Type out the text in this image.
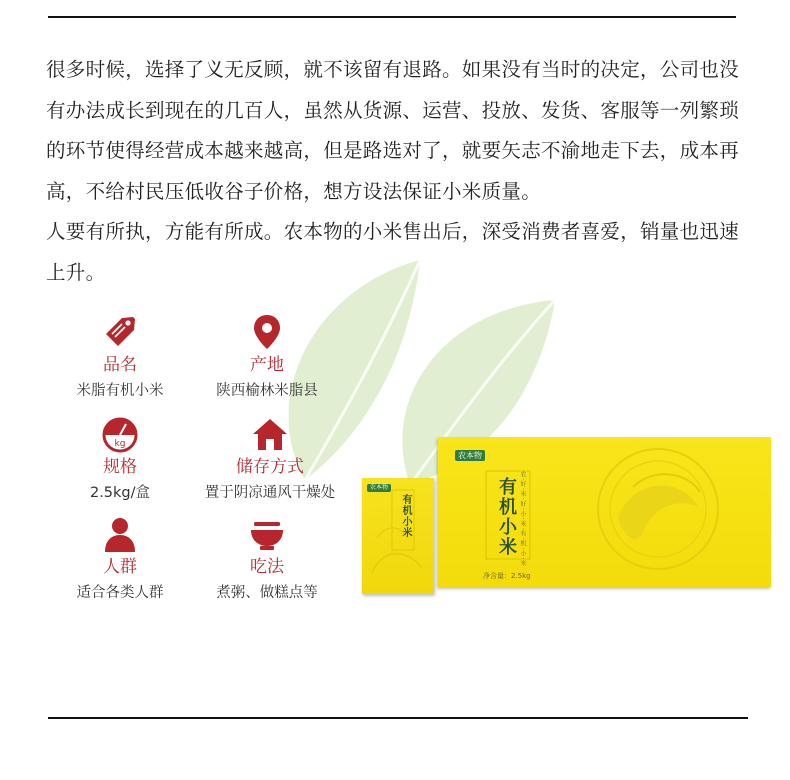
很多时候，选择了义无反顾，就不该留有退路。如果没有当时的决定，公司也没有办法成长到现在的几百人，虽然从货源、运营、投放、发货、客服等一列繁琐的环节使得经营成本越来越高，但是路选对了，就要矢志不渝地走下去，成本再高，不给村民压低收谷子价格，想方设法保证小米质量。

人要有所执，方能有所成。农本物的小米售出后，深受消费者喜爱，销量也迅速上升。

品名
米脂有机小米
产地
陕西榆林米脂县
kg
规格
2.5kg/盒
储存方式
置于阴凉通风干燥处
人群
适合各类人群
吃法
煮粥、做糕点等
农本物
有机小米 农·好·米·好·小·米·有·机·小·米
净含量：2.5kg
农本物
有机小米
